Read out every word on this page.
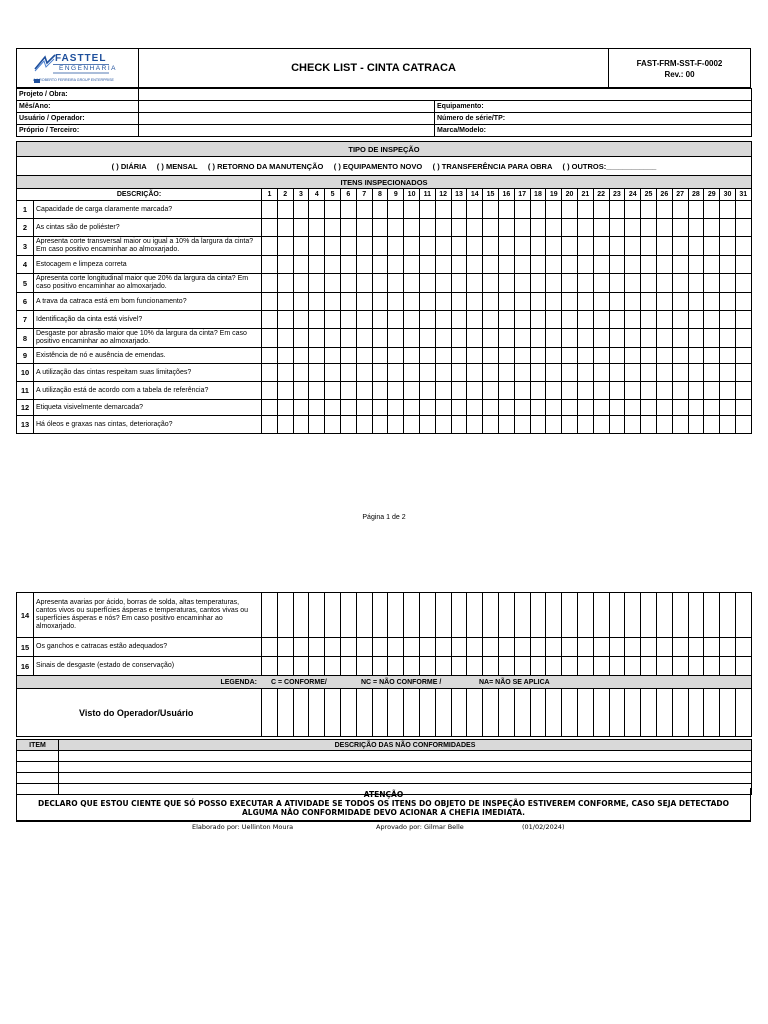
FASTTEL
ENGENHARIA
A ▮ ROBERTO FERREIRA GROUP ENTERPRISE
CHECK LIST - CINTA CATRACA	FAST-FRM-SST-F-0002
Rev.: 00
Projeto / Obra:		
Mês/Ano:		Equipamento:
Usuário / Operador:		Número de série/TP:
Próprio / Terceiro:		Marca/Modelo:
TIPO DE INSPEÇÃO
( ) DIÁRIA     ( ) MENSAL     ( ) RETORNO DA MANUTENÇÃO     ( ) EQUIPAMENTO NOVO     ( ) TRANSFERÊNCIA PARA OBRA     ( ) OUTROS:____________
ITENS INSPECIONADOS
DESCRIÇÃO:		1	2	3	4	5	6	7	8	9	10	11	12	13	14	15	16	17	18	19	20	21	22	23	24	25	26	27	28	29	30	31
1	Capacidade de carga claramente marcada?																															
2	As cintas são de poliéster?																															
3	Apresenta corte transversal maior ou igual a 10% da largura da cinta? Em caso positivo encaminhar ao almoxarjado.																															
4	Estocagem e limpeza correta																															
5	Apresenta corte longitudinal maior que 20% da largura da cinta? Em caso positivo encaminhar ao almoxarjado.																															
6	A trava da catraca está em bom funcionamento?																															
7	Identificação da cinta está visível?																															
8	Desgaste por abrasão maior que 10% da largura da cinta? Em caso positivo encaminhar ao almoxarjado.																															
9	Existência de nó e ausência de emendas.																															
10	A utilização das cintas respeitam suas limitações?																															
11	A utilização está de acordo com a tabela de referência?																															
12	Etiqueta visivelmente demarcada?																															
13	Há óleos e graxas nas cintas, deterioração?																															
Página 1 de 2
14	Apresenta avarias por ácido, borras de solda, altas temperaturas, cantos vivos ou superfícies ásperas e temperaturas, cantos vivas ou superfícies ásperas e nós? Em caso positivo encaminhar ao almoxarjado.																															
15	Os ganchos e catracas estão adequados?																															
16	Sinais de desgaste (estado de conservação)																															
LEGENDA: C = CONFORME/ NC = NÃO CONFORME / NA= NÃO SE APLICA																																
Visto do Operador/Usuário																																
ITEM	DESCRIÇÃO DAS NÃO CONFORMIDADES

ATENÇÃO
DECLARO QUE ESTOU CIENTE QUE SÓ POSSO EXECUTAR A ATIVIDADE SE TODOS OS ITENS DO OBJETO DE INSPEÇÃO ESTIVEREM CONFORME, CASO SEJA DETECTADO
ALGUMA NÃO CONFORMIDADE DEVO ACIONAR A CHEFIA IMEDIATA.
Elaborado por: Uellinton Moura	Aprovado por: Gilmar Belle	(01/02/2024)
